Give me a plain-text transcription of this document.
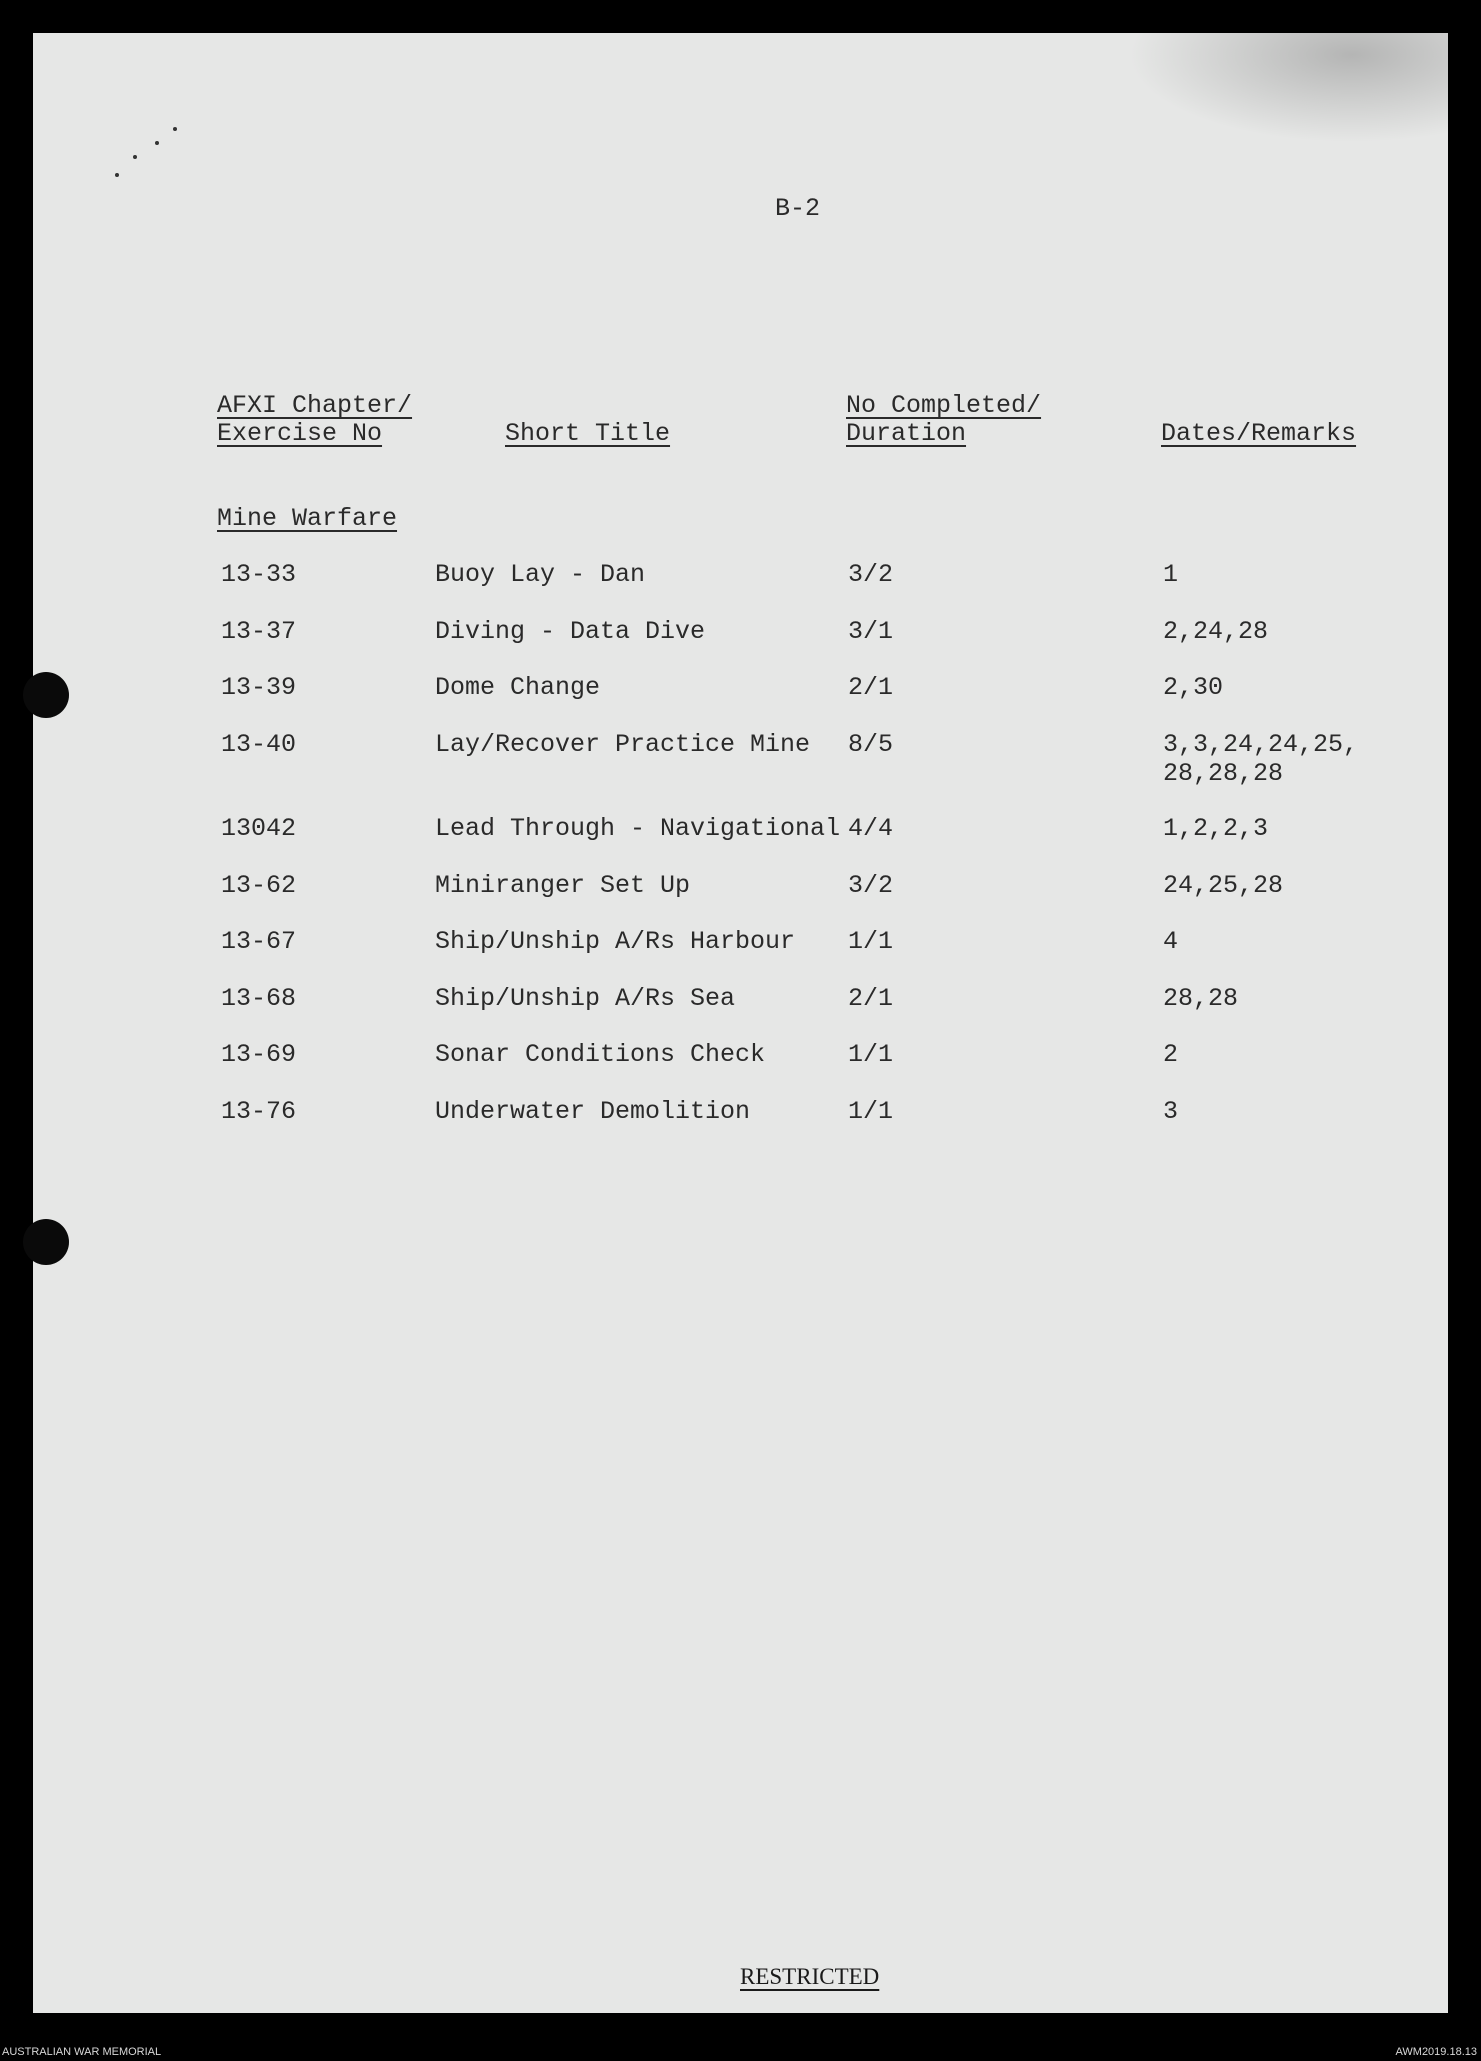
B-2
AFXI Chapter/
Exercise No	Short Title
No Completed/
Duration	Dates/Remarks
Mine Warfare
13-33	Buoy Lay - Dan	3/2	1
13-37	Diving - Data Dive	3/1	2,24,28
13-39	Dome Change	2/1	2,30
13-40	Lay/Recover Practice Mine 8/5	3,3,24,24,25,
28,28,28
13042	Lead Through - Navigational 4/4	1,2,2,3
13-62	Miniranger Set Up	3/2	24,25,28
13-67	Ship/Unship A/Rs Harbour 1/1	4
13-68	Ship/Unship A/Rs Sea	2/1	28,28
13-69	Sonar Conditions Check	1/1	2
13-76	Underwater Demolition	1/1	3
RESTRICTED
AUSTRALIAN WAR MEMORIAL	AWM2019.18.13
